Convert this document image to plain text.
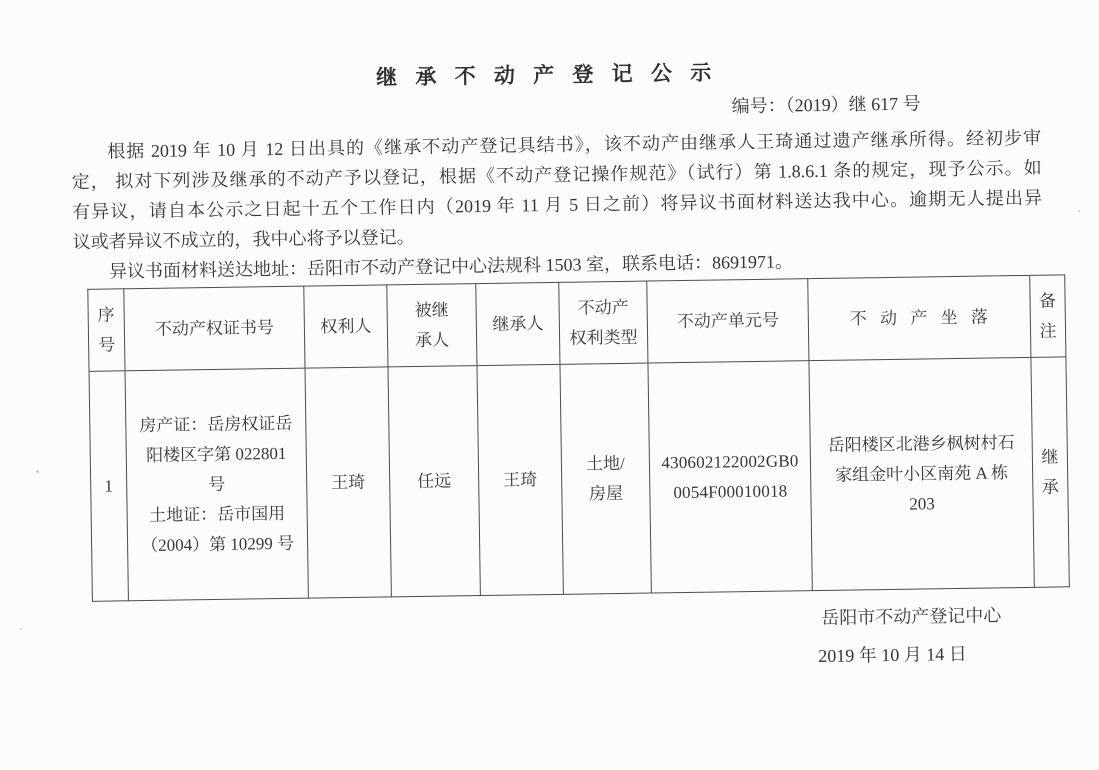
继 承 不 动 产 登 记 公 示
编号：（2019）继 617 号
根据 2019 年 10 月 12 日出具的《继承不动产登记具结书》，该不动产由继承人王琦通过遗产继承所得。经初步审
定， 拟对下列涉及继承的不动产予以登记，根据《不动产登记操作规范》（试行）第 1.8.6.1 条的规定，现予公示。如
有异议，请自本公示之日起十五个工作日内（2019 年 11 月 5 日之前）将异议书面材料送达我中心。逾期无人提出异
议或者异议不成立的，我中心将予以登记。
异议书面材料送达地址：岳阳市不动产登记中心法规科 1503 室，联系电话：8691971。
序
号	不动产权证书号	权利人	被继
承人	继承人	不动产
权利类型	不动产单元号	不 动 产 坐 落	备
注
1	房产证：岳房权证岳
阳楼区字第 022801
号
土地证：岳市国用
（2004）第 10299 号	王琦	任远	王琦	土地/
房屋	430602122002GB0
0054F00010018	岳阳楼区北港乡枫树村石
家组金叶小区南苑 A 栋
203	继
承
岳阳市不动产登记中心
2019 年 10 月 14 日
